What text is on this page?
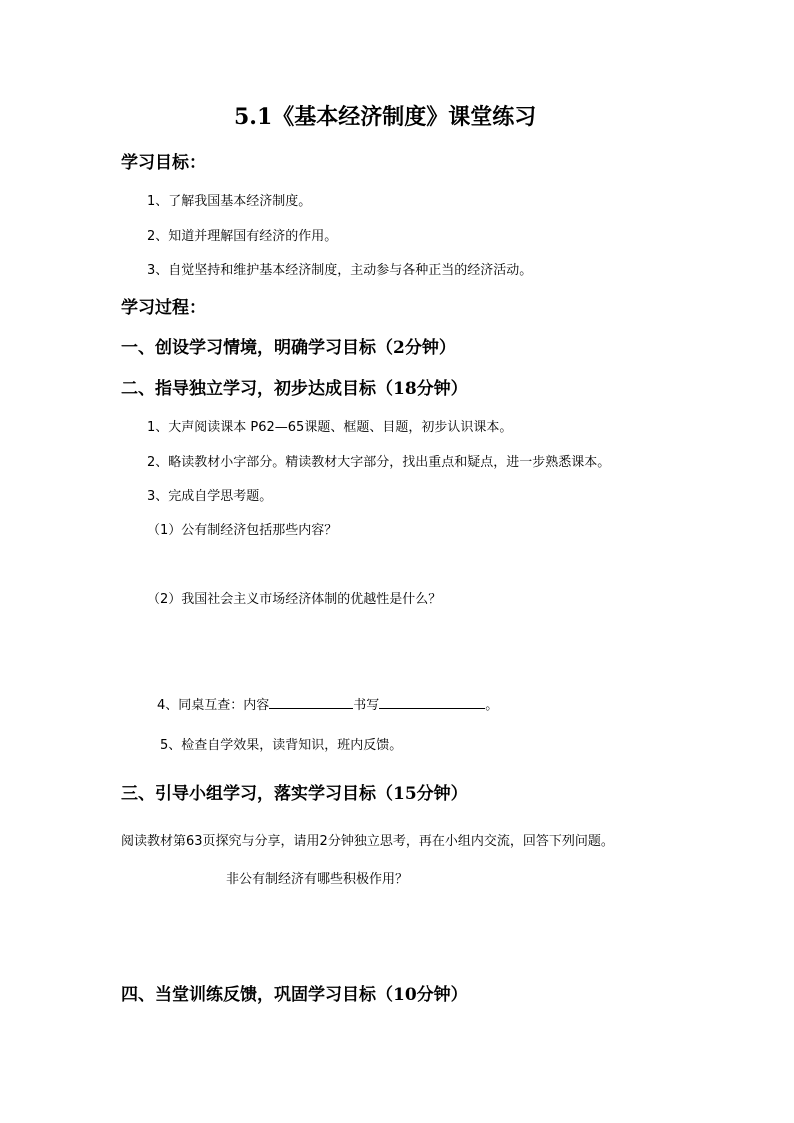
5.1《基本经济制度》课堂练习
学习目标：
1、了解我国基本经济制度。
2、知道并理解国有经济的作用。
3、自觉坚持和维护基本经济制度，主动参与各种正当的经济活动。
学习过程：
一、创设学习情境，明确学习目标（2分钟）
二、指导独立学习，初步达成目标（18分钟）
1、大声阅读课本 P62—65课题、框题、目题，初步认识课本。
2、略读教材小字部分。精读教材大字部分，找出重点和疑点，进一步熟悉课本。
3、完成自学思考题。
（1）公有制经济包括那些内容？
（2）我国社会主义市场经济体制的优越性是什么？
4、同桌互查：内容	书写	。
5、检查自学效果，读背知识，班内反馈。
三、引导小组学习，落实学习目标（15分钟）
阅读教材第63页探究与分享，请用2分钟独立思考，再在小组内交流，回答下列问题。
非公有制经济有哪些积极作用？
四、当堂训练反馈，巩固学习目标（10分钟）
